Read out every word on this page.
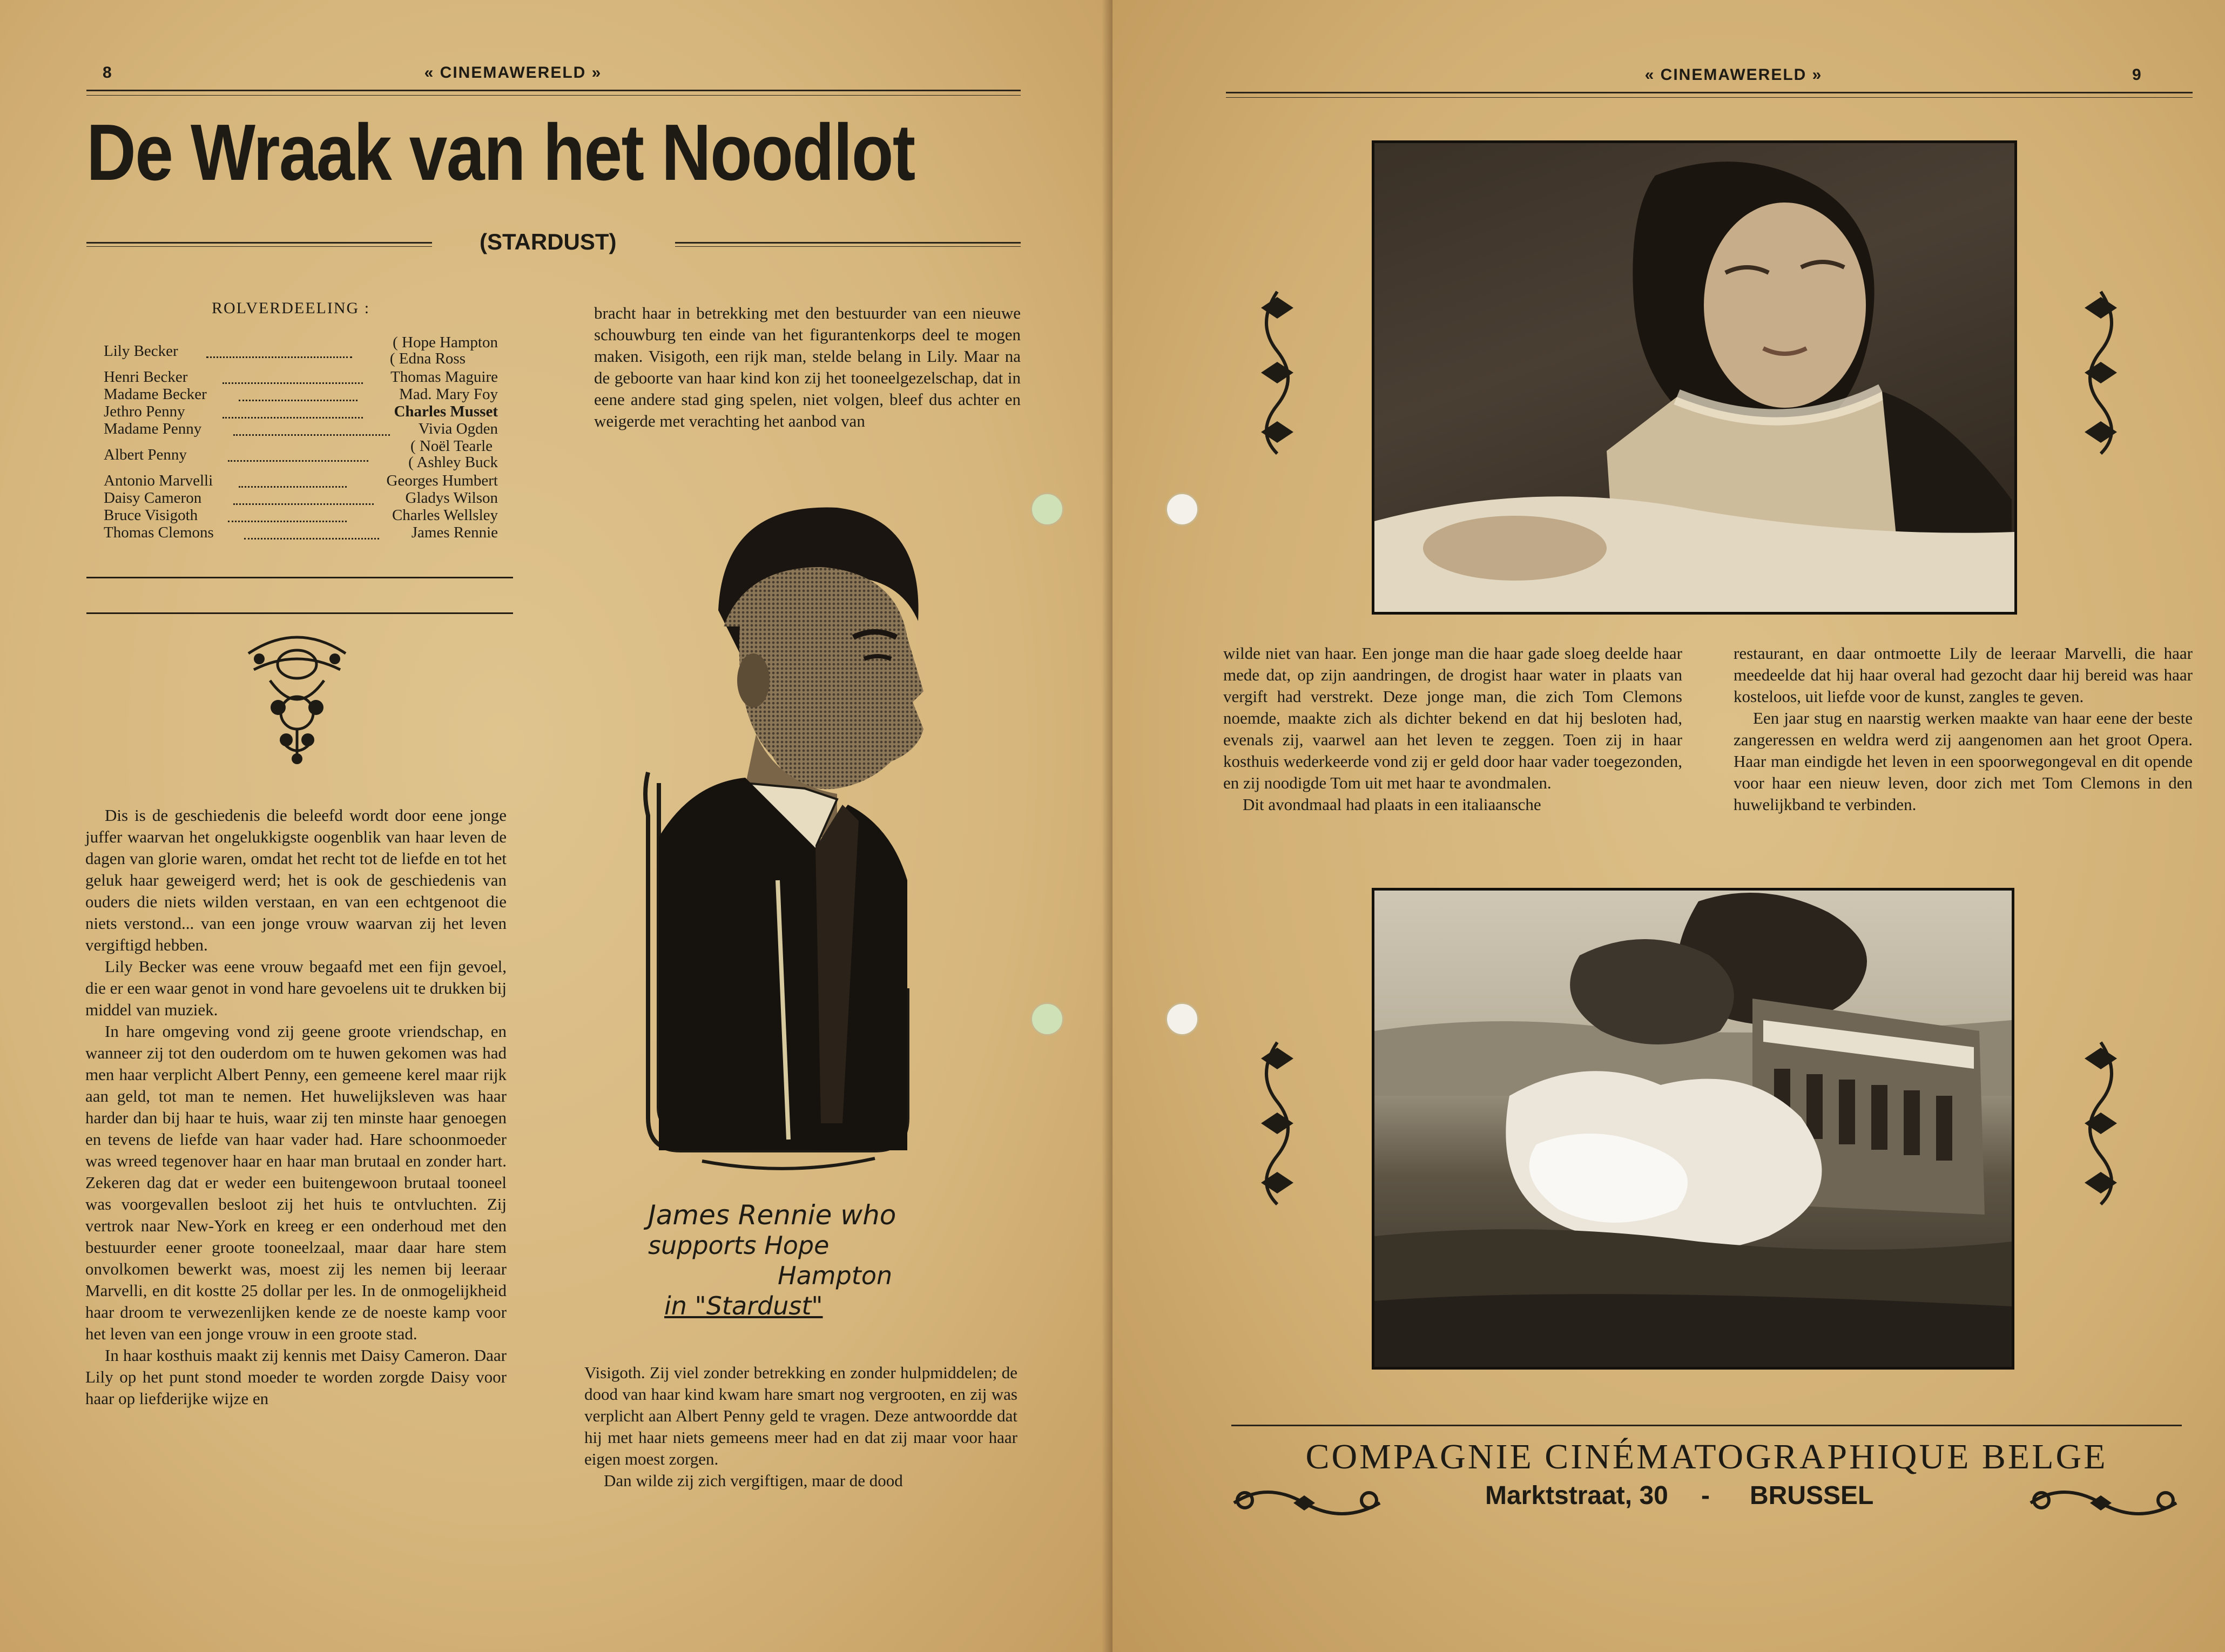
8	« CINEMAWERELD »
De Wraak van het Noodlot
(STARDUST)
ROLVERDEELING :
Lily Becker	( Hope Hampton
( Edna Ross
Henri Becker	Thomas Maguire
Madame Becker	Mad. Mary Foy
Jethro Penny	Charles Musset
Madame Penny	Vivia Ogden
Albert Penny	( Noël Tearle
( Ashley Buck
Antonio Marvelli	Georges Humbert
Daisy Cameron	Gladys Wilson
Bruce Visigoth	Charles Wellsley
Thomas Clemons	James Rennie

Dis is de geschiedenis die beleefd wordt door eene jonge juffer waarvan het ongelukkigste oogenblik van haar leven de dagen van glorie waren, omdat het recht tot de liefde en tot het geluk haar geweigerd werd; het is ook de geschiedenis van ouders die niets wilden verstaan, en van een echtgenoot die niets verstond... van een jonge vrouw waarvan zij het leven vergiftigd hebben.

Lily Becker was eene vrouw begaafd met een fijn gevoel, die er een waar genot in vond hare gevoelens uit te drukken bij middel van muziek.

In hare omgeving vond zij geene groote vriendschap, en wanneer zij tot den ouderdom om te huwen gekomen was had men haar verplicht Albert Penny, een gemeene kerel maar rijk aan geld, tot man te nemen. Het huwelijksleven was haar harder dan bij haar te huis, waar zij ten minste haar genoegen en tevens de liefde van haar vader had. Hare schoonmoeder was wreed tegenover haar en haar man brutaal en zonder hart. Zekeren dag dat er weder een buitengewoon brutaal tooneel was voorgevallen besloot zij het huis te ontvluchten. Zij vertrok naar New-York en kreeg er een onderhoud met den bestuurder eener groote tooneelzaal, maar daar hare stem onvolkomen bewerkt was, moest zij les nemen bij leeraar Marvelli, en dit kostte 25 dollar per les. In de onmogelijkheid haar droom te verwezenlijken kende ze de noeste kamp voor het leven van een jonge vrouw in een groote stad.

In haar kosthuis maakt zij kennis met Daisy Cameron. Daar Lily op het punt stond moeder te worden zorgde Daisy voor haar op liefderijke wijze en

bracht haar in betrekking met den bestuurder van een nieuwe schouwburg ten einde van het figurantenkorps deel te mogen maken. Visigoth, een rijk man, stelde belang in Lily. Maar na de geboorte van haar kind kon zij het tooneelgezelschap, dat in eene andere stad ging spelen, niet volgen, bleef dus achter en weigerde met verachting het aanbod van

James Rennie who
supports Hope
Hampton
in "Stardust"

Visigoth. Zij viel zonder betrekking en zonder hulpmiddelen; de dood van haar kind kwam hare smart nog vergrooten, en zij was verplicht aan Albert Penny geld te vragen. Deze antwoordde dat hij met haar niets gemeens meer had en dat zij maar voor haar eigen moest zorgen.

Dan wilde zij zich vergiftigen, maar de dood

« CINEMAWERELD »	9

wilde niet van haar. Een jonge man die haar gade sloeg deelde haar mede dat, op zijn aandringen, de drogist haar water in plaats van vergift had verstrekt. Deze jonge man, die zich Tom Clemons noemde, maakte zich als dichter bekend en dat hij besloten had, evenals zij, vaarwel aan het leven te zeggen. Toen zij in haar kosthuis wederkeerde vond zij er geld door haar vader toegezonden, en zij noodigde Tom uit met haar te avondmalen.

Dit avondmaal had plaats in een italiaansche

restaurant, en daar ontmoette Lily de leeraar Marvelli, die haar meedeelde dat hij haar overal had gezocht daar hij bereid was haar kosteloos, uit liefde voor de kunst, zangles te geven.

Een jaar stug en naarstig werken maakte van haar eene der beste zangeressen en weldra werd zij aangenomen aan het groot Opera. Haar man eindigde het leven in een spoorwegongeval en dit opende voor haar een nieuw leven, door zich met Tom Clemons in den huwelijkband te verbinden.

COMPAGNIE CINÉMATOGRAPHIQUE BELGE
Marktstraat, 30 - BRUSSEL
